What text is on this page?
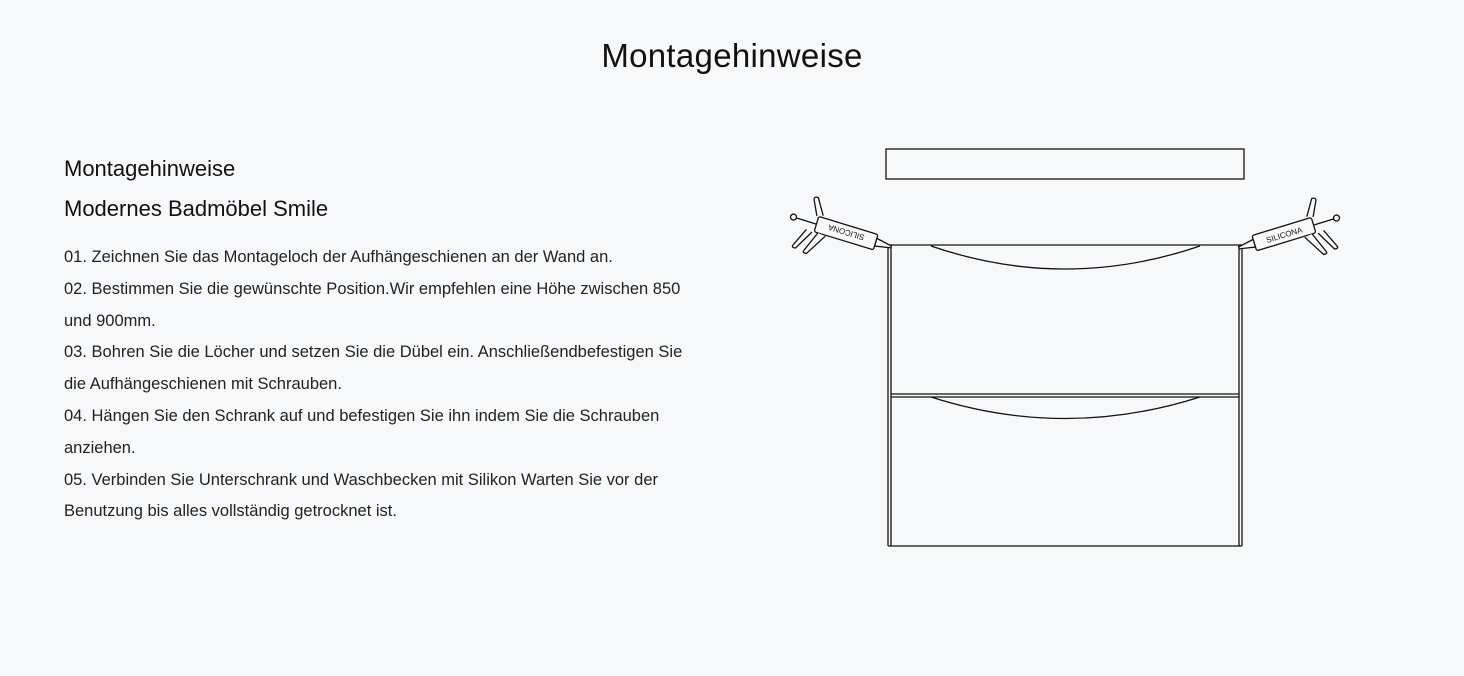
Montagehinweise
Montagehinweise
Modernes Badmöbel Smile
01. Zeichnen Sie das Montageloch der Aufhängeschienen an der Wand an.
02. Bestimmen Sie die gewünschte Position.Wir empfehlen eine Höhe zwischen 850 und 900mm.
03. Bohren Sie die Löcher und setzen Sie die Dübel ein. Anschließendbefestigen Sie die Aufhängeschienen mit Schrauben.
04. Hängen Sie den Schrank auf und befestigen Sie ihn indem Sie die Schrauben anziehen.
05. Verbinden Sie Unterschrank und Waschbecken mit Silikon Warten Sie vor der Benutzung bis alles vollständig getrocknet ist.
SILICONA	SILICONA
